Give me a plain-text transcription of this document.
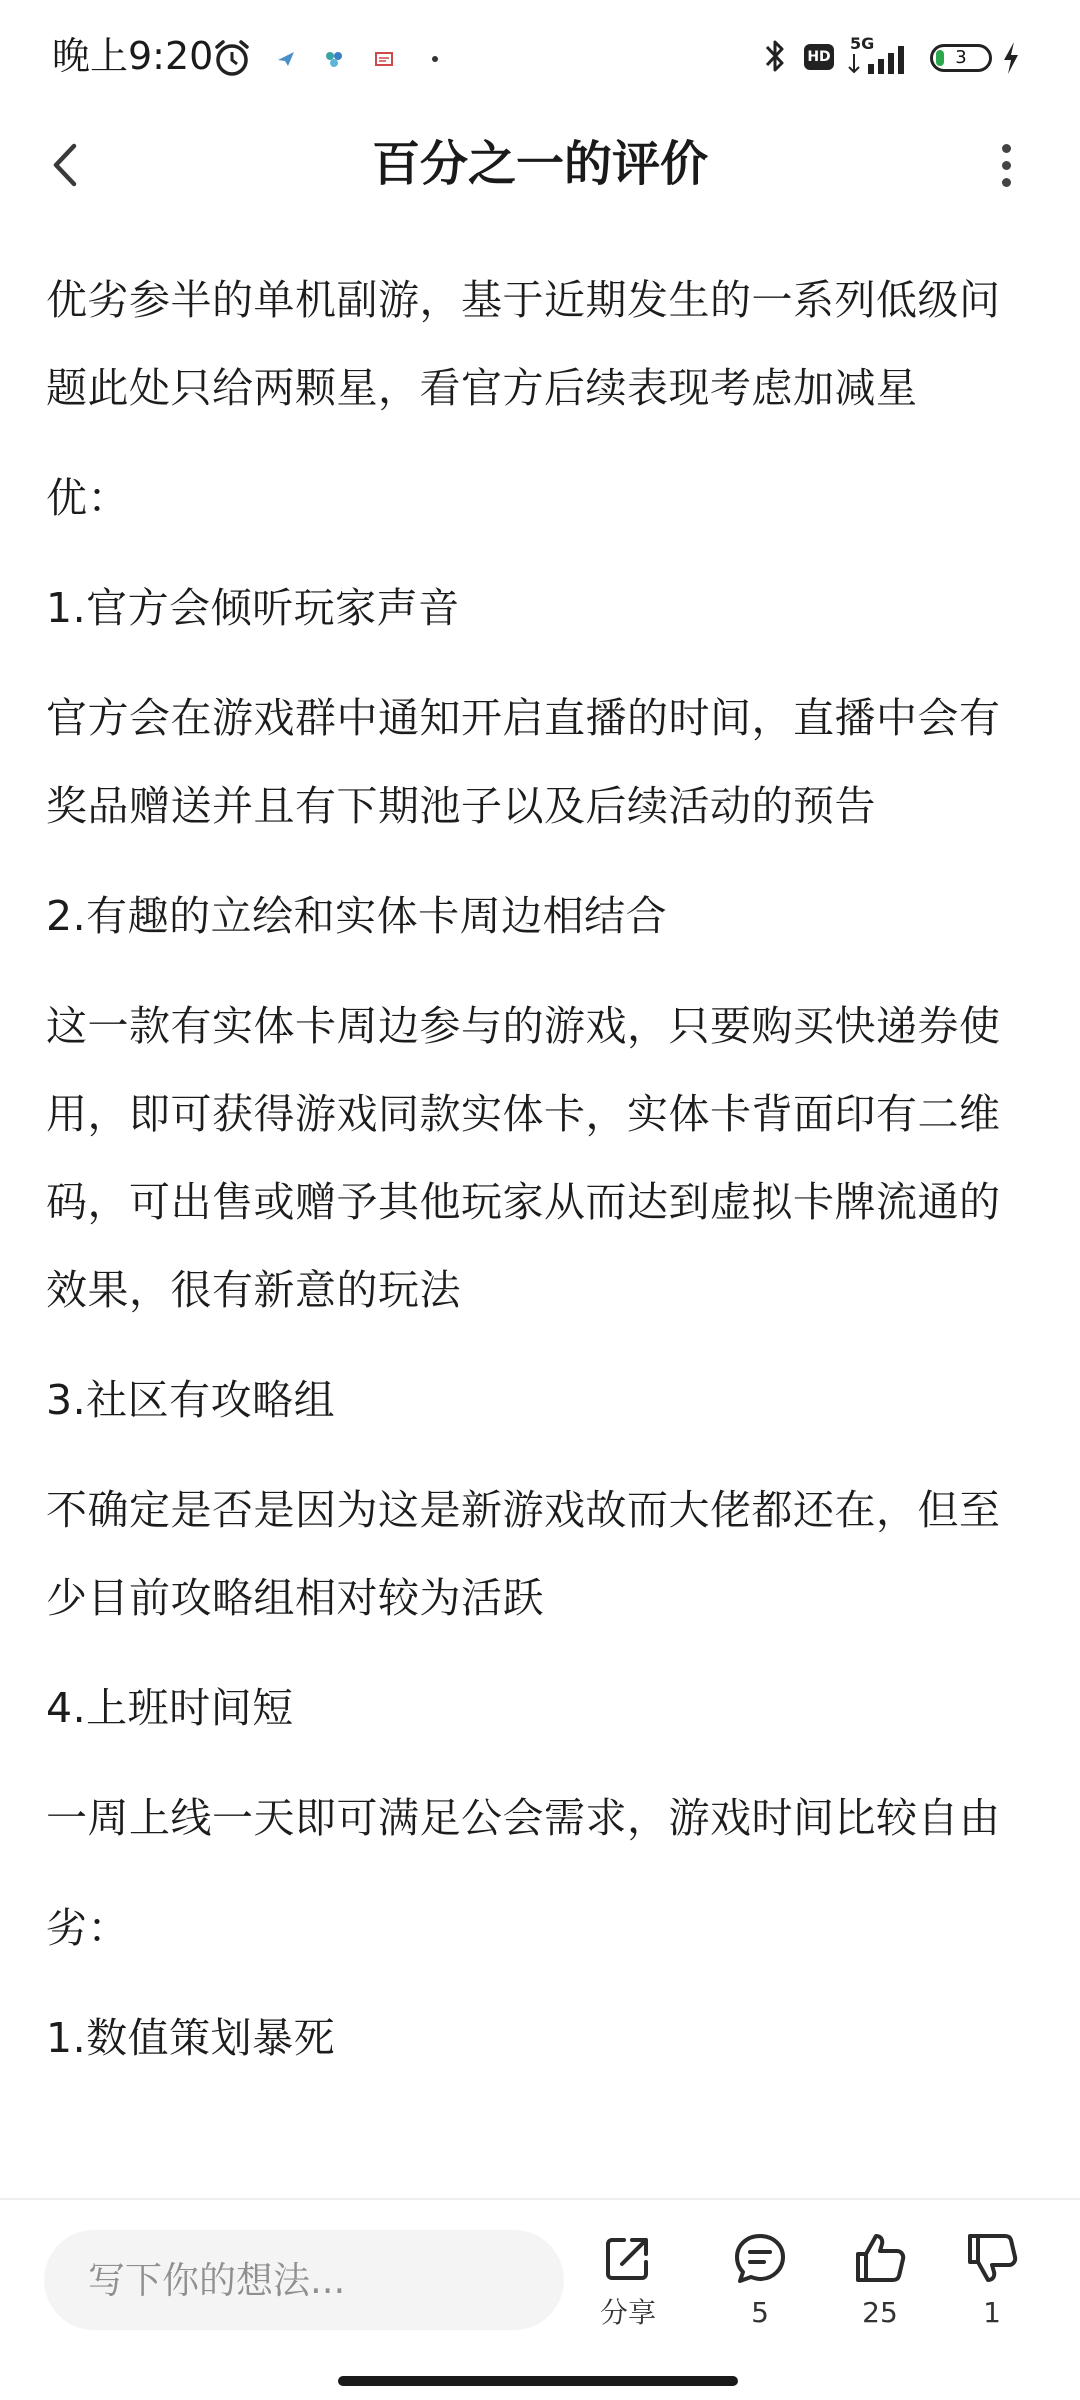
晚上9:20	HD
5G
3
百分之一的评价

优劣参半的单机副游，基于近期发生的一系列低级问题此处只给两颗星，看官方后续表现考虑加减星

优：

1.官方会倾听玩家声音

官方会在游戏群中通知开启直播的时间，直播中会有奖品赠送并且有下期池子以及后续活动的预告

2.有趣的立绘和实体卡周边相结合

这一款有实体卡周边参与的游戏，只要购买快递券使用，即可获得游戏同款实体卡，实体卡背面印有二维码，可出售或赠予其他玩家从而达到虚拟卡牌流通的效果，很有新意的玩法

3.社区有攻略组

不确定是否是因为这是新游戏故而大佬都还在，但至少目前攻略组相对较为活跃

4.上班时间短

一周上线一天即可满足公会需求，游戏时间比较自由

劣：

1.数值策划暴死

写下你的想法...
分享	5	25	1
